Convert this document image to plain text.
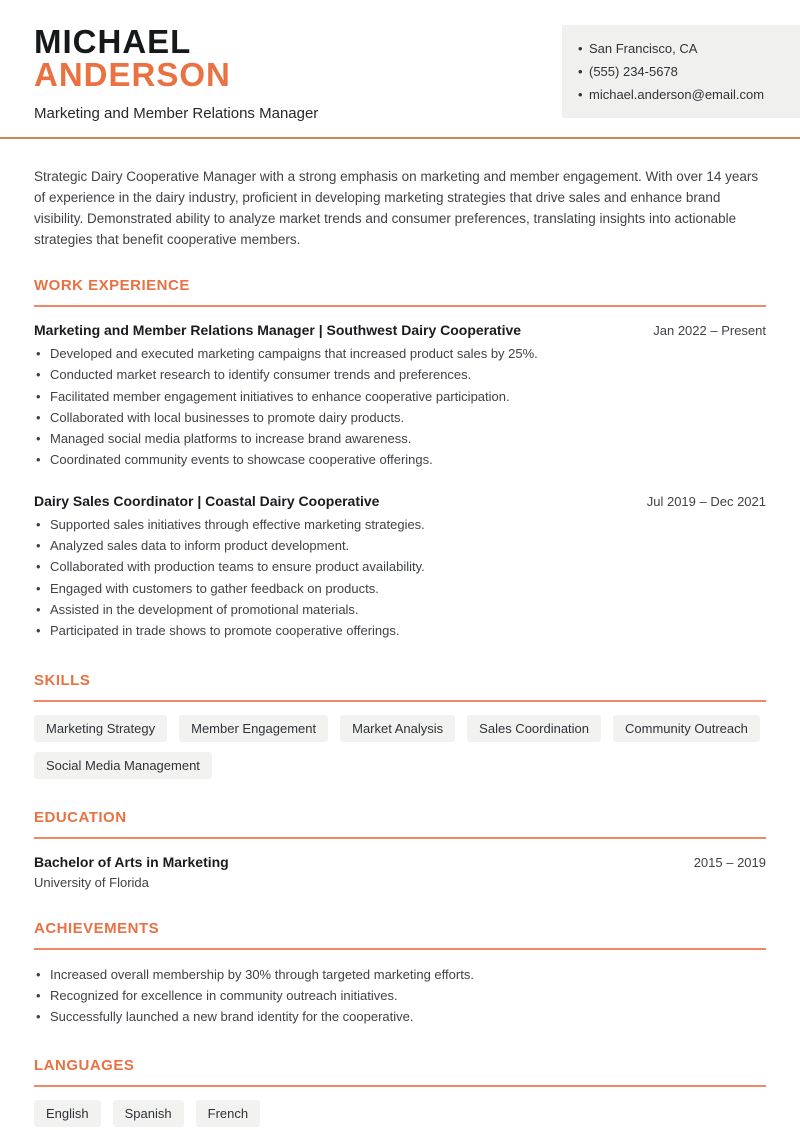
MICHAEL
ANDERSON
Marketing and Member Relations Manager
• San Francisco, CA
• (555) 234-5678
• michael.anderson@email.com

Strategic Dairy Cooperative Manager with a strong emphasis on marketing and member engagement. With over 14 years of experience in the dairy industry, proficient in developing marketing strategies that drive sales and enhance brand visibility. Demonstrated ability to analyze market trends and consumer preferences, translating insights into actionable strategies that benefit cooperative members.

WORK EXPERIENCE
Marketing and Member Relations Manager | Southwest Dairy Cooperative	Jan 2022 – Present
• Developed and executed marketing campaigns that increased product sales by 25%.
• Conducted market research to identify consumer trends and preferences.
• Facilitated member engagement initiatives to enhance cooperative participation.
• Collaborated with local businesses to promote dairy products.
• Managed social media platforms to increase brand awareness.
• Coordinated community events to showcase cooperative offerings.
Dairy Sales Coordinator | Coastal Dairy Cooperative	Jul 2019 – Dec 2021
• Supported sales initiatives through effective marketing strategies.
• Analyzed sales data to inform product development.
• Collaborated with production teams to ensure product availability.
• Engaged with customers to gather feedback on products.
• Assisted in the development of promotional materials.
• Participated in trade shows to promote cooperative offerings.
SKILLS
Marketing Strategy	Member Engagement	Market Analysis	Sales Coordination	Community Outreach
Social Media Management
EDUCATION
Bachelor of Arts in Marketing	2015 – 2019
University of Florida
ACHIEVEMENTS
• Increased overall membership by 30% through targeted marketing efforts.
• Recognized for excellence in community outreach initiatives.
• Successfully launched a new brand identity for the cooperative.
LANGUAGES
English	Spanish	French
